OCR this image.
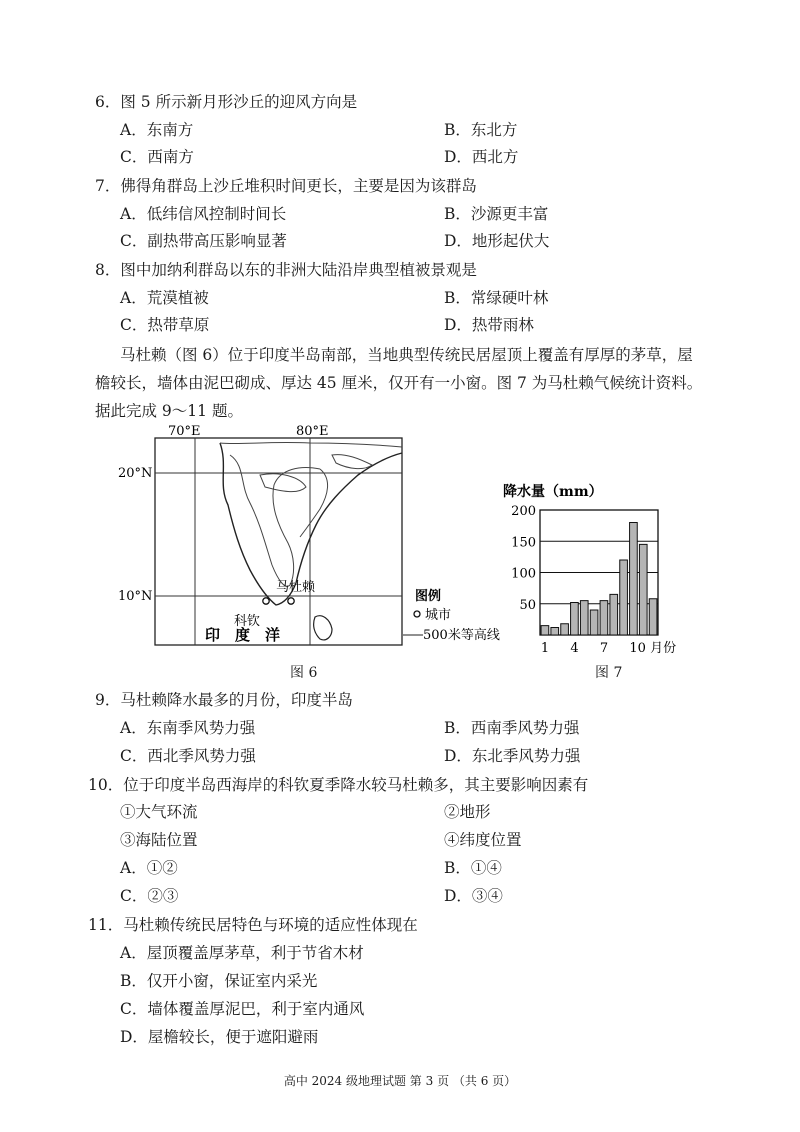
6．图 5 所示新月形沙丘的迎风方向是
A．东南方	B．东北方
C．西南方	D．西北方
7．佛得角群岛上沙丘堆积时间更长，主要是因为该群岛
A．低纬信风控制时间长	B．沙源更丰富
C．副热带高压影响显著	D．地形起伏大
8．图中加纳利群岛以东的非洲大陆沿岸典型植被景观是
A．荒漠植被	B．常绿硬叶林
C．热带草原	D．热带雨林
马杜赖（图 6）位于印度半岛南部，当地典型传统民居屋顶上覆盖有厚厚的茅草，屋
檐较长，墙体由泥巴砌成、厚达 45 厘米，仅开有一小窗。图 7 为马杜赖气候统计资料。
据此完成 9～11 题。
70°E	80°E
20°N
10°N
马杜赖
科钦
印　度　洋
图例
城市
500米等高线
图 6
降水量（mm）
50
100
150
200
1 4 7 10 月份
图 7
9．马杜赖降水最多的月份，印度半岛
A．东南季风势力强	B．西南季风势力强
C．西北季风势力强	D．东北季风势力强
10．位于印度半岛西海岸的科钦夏季降水较马杜赖多，其主要影响因素有
①大气环流	②地形
③海陆位置	④纬度位置
A．①②	B．①④
C．②③	D．③④
11．马杜赖传统民居特色与环境的适应性体现在
A．屋顶覆盖厚茅草，利于节省木材
B．仅开小窗，保证室内采光
C．墙体覆盖厚泥巴，利于室内通风
D．屋檐较长，便于遮阳避雨
高中 2024 级地理试题 第 3 页 （共 6 页）
